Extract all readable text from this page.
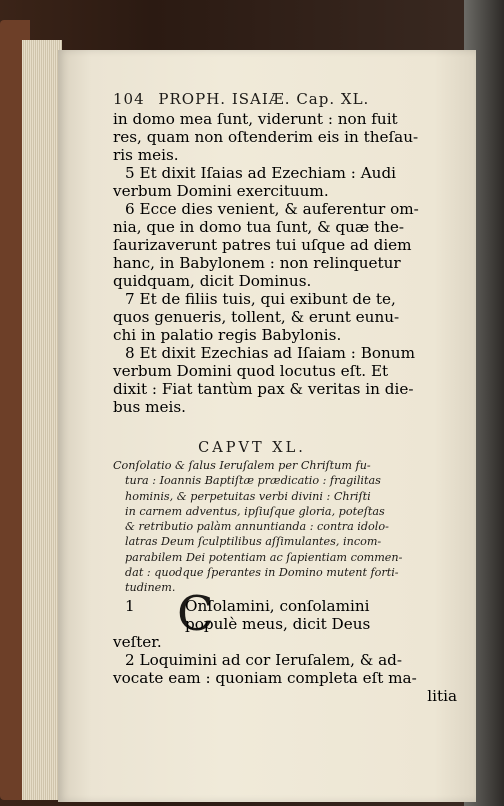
104 PROPH. ISAIÆ. Cap. XL.
in domo mea ſunt, viderunt : non fuit
res, quam non oſtenderim eis in theſau-
ris meis.
5 Et dixit Iſaias ad Ezechiam : Audi
verbum Domini exercituum.
6 Ecce dies venient, & auferentur om-
nia, que in domo tua ſunt, & quæ the-
ſaurizaverunt patres tui uſque ad diem
hanc, in Babylonem : non relinquetur
quidquam, dicit Dominus.
7 Et de filiis tuis, qui exibunt de te,
quos genueris, tollent, & erunt eunu-
chi in palatio regis Babylonis.
8 Et dixit Ezechias ad Iſaiam : Bonum
verbum Domini quod locutus eſt. Et
dixit : Fiat tantùm pax & veritas in die-
bus meis.
CAPVT XL.
Conſolatio & ſalus Ieruſalem per Chriſtum fu-
tura : Ioannis Baptiſtæ prædicatio : fragilitas
hominis, & perpetuitas verbi divini : Chriſti
in carnem adventus, ipſiuſque gloria, poteſtas
& retributio palàm annuntianda : contra idolo-
latras Deum ſculptilibus aſſimulantes, incom-
parabilem Dei potentiam ac ſapientiam commen-
dat : quodque ſperantes in Domino mutent forti-
tudinem. C
1	Onſolamini, conſolamini
populè meus, dicit Deus
veſter.
2 Loquimini ad cor Ieruſalem, & ad-
vocate eam : quoniam completa eſt ma-
litia
